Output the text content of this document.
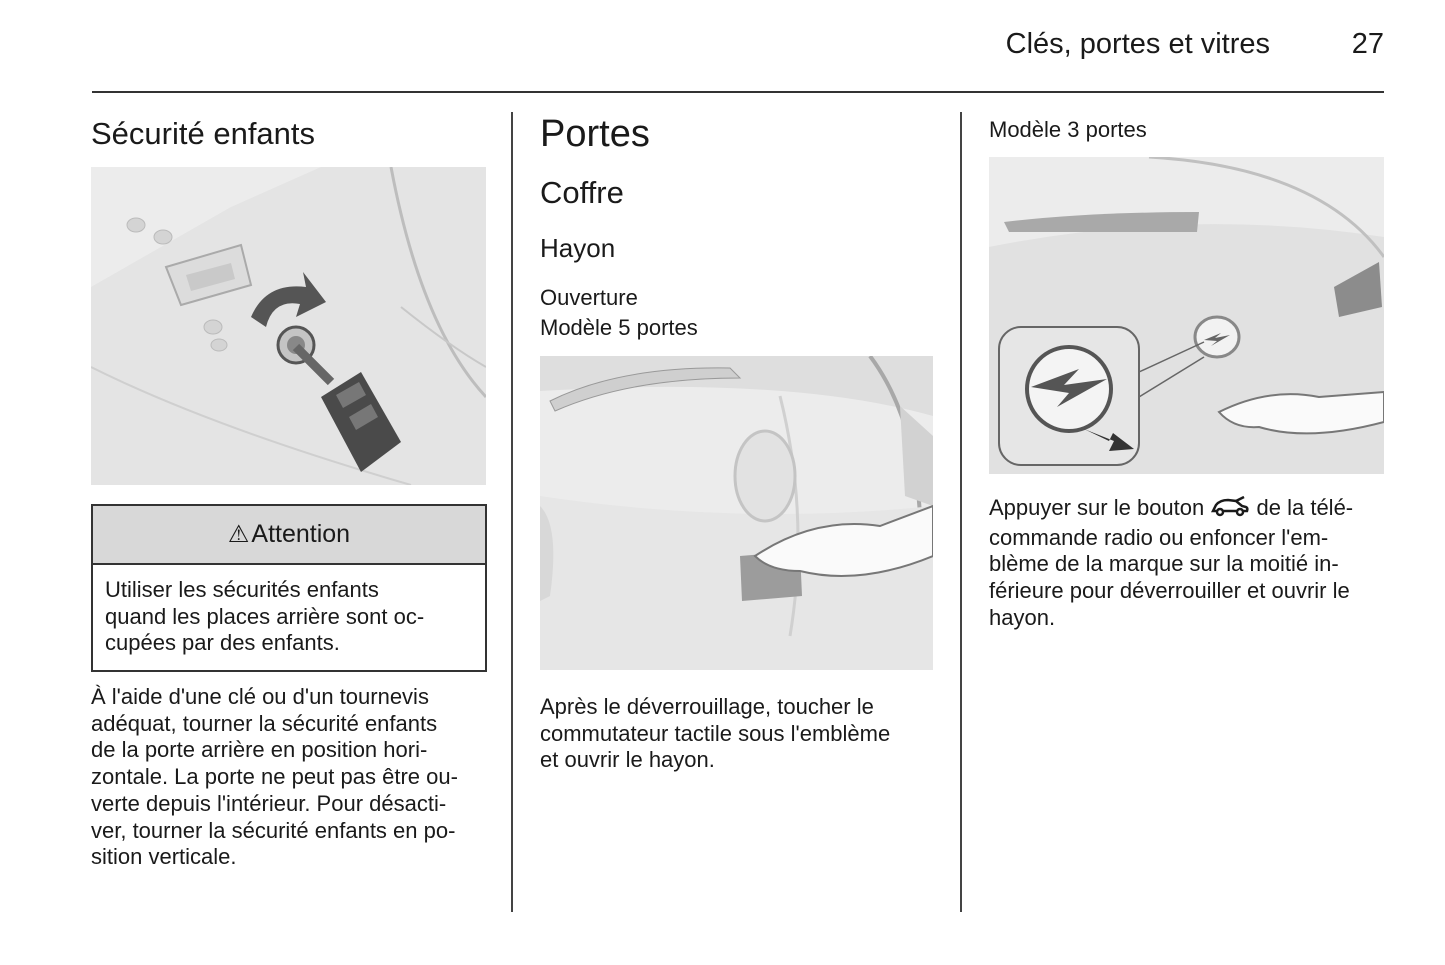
Clés, portes et vitres	27
Sécurité enfants
⚠ Attention
Utiliser les sécurités enfants
quand les places arrière sont oc-
cupées par des enfants.
À l'aide d'une clé ou d'un tournevis
adéquat, tourner la sécurité enfants
de la porte arrière en position hori-
zontale. La porte ne peut pas être ou-
verte depuis l'intérieur. Pour désacti-
ver, tourner la sécurité enfants en po-
sition verticale.
Portes
Coffre
Hayon
Ouverture
Modèle 5 portes
Après le déverrouillage, toucher le
commutateur tactile sous l'emblème
et ouvrir le hayon.
Modèle 3 portes
Appuyer sur le bouton de la télé-
commande radio ou enfoncer l'em-
blème de la marque sur la moitié in-
férieure pour déverrouiller et ouvrir le
hayon.
